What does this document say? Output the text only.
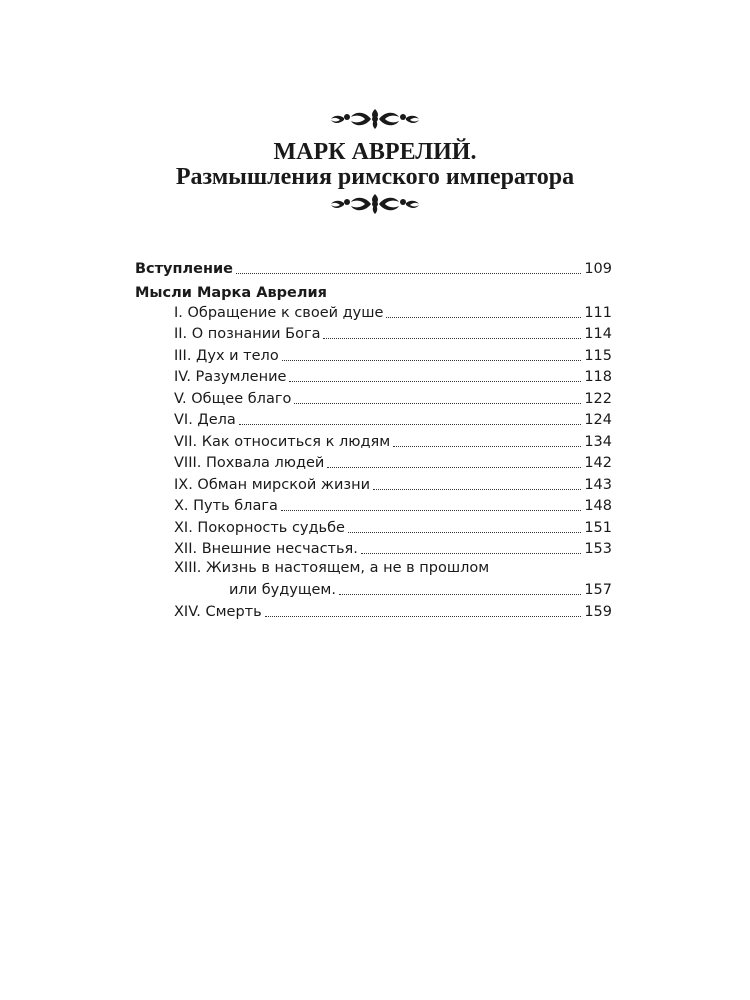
МАРК АВРЕЛИЙ.
Размышления римского императора
Вступление	109
Мысли Марка Аврелия
I. Обращение к своей душе	111
II. О познании Бога	114
III. Дух и тело	115
IV. Разумление	118
V. Общее благо	122
VI. Дела	124
VII. Как относиться к людям	134
VIII. Похвала людей	142
IX. Обман мирской жизни	143
X. Путь блага	148
XI. Покорность судьбе	151
XII. Внешние несчастья.	153
XIII. Жизнь в настоящем, а не в прошлом
или будущем.	157
XIV. Смерть	159
